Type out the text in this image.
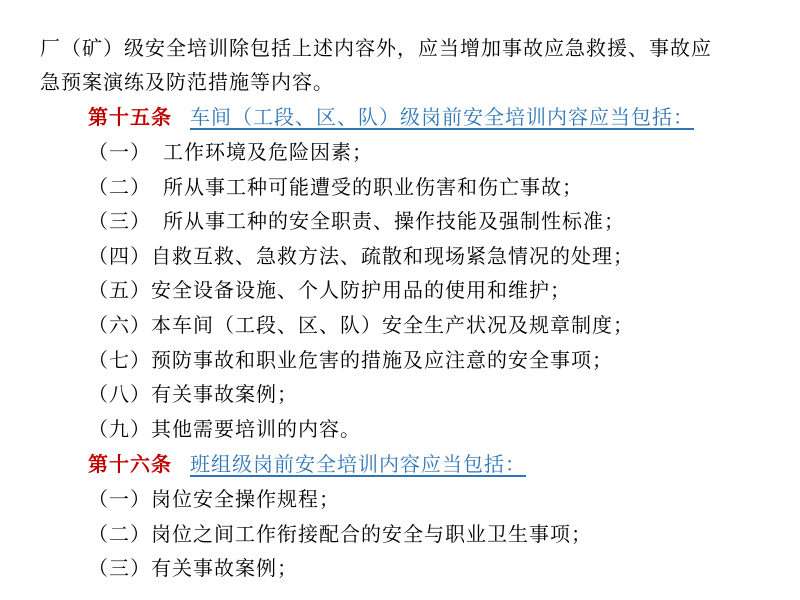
厂（矿）级安全培训除包括上述内容外，应当增加事故应急救援、事故应
急预案演练及防范措施等内容。
第十五条 车间（工段、区、队）级岗前安全培训内容应当包括：
（一） 工作环境及危险因素；
（二） 所从事工种可能遭受的职业伤害和伤亡事故；
（三） 所从事工种的安全职责、操作技能及强制性标准；
（四）自救互救、急救方法、疏散和现场紧急情况的处理；
（五）安全设备设施、个人防护用品的使用和维护；
（六）本车间（工段、区、队）安全生产状况及规章制度；
（七）预防事故和职业危害的措施及应注意的安全事项；
（八）有关事故案例；
（九）其他需要培训的内容。
第十六条 班组级岗前安全培训内容应当包括：
（一）岗位安全操作规程；
（二）岗位之间工作衔接配合的安全与职业卫生事项；
（三）有关事故案例；
